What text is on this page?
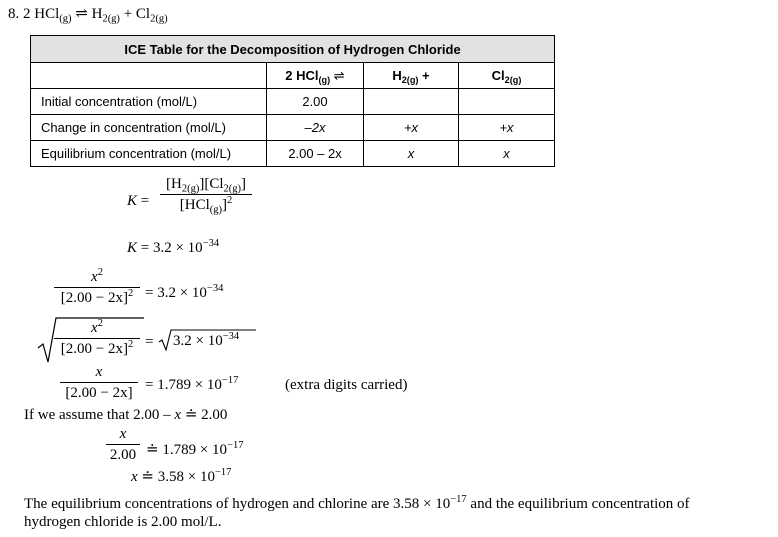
8. 2 HCl$_{(g)}$ ⇌ $H_{2(g)} + Cl_{2(g)}$
ICE Table for the Decomposition of Hydrogen Chloride			
	2 HCl$_{(g)}$ ⇌	$H_{2(g)}$ +	$Cl_{2(g)}$
Initial concentration (mol/L)	2.00		
Change in concentration (mol/L)	–2x	+x	+x
Equilibrium concentration (mol/L)	2.00 – 2x	x	x
K =
$[H_{2(g)}][Cl_{2(g)}]$
$[HCl_{(g)}]^2$
$K = 3.2 \times 10^{-34}$
$x^2$
$[2.00 - 2x]^2 = 3.2 \times 10^{-34}$
$x^2$
$[2.00 - 2x]^2 = 3.2 \times 10^{-34}$
x
$[2.00 - 2x] = 1.789 \times 10^{-17}$	(extra digits carried)
If we assume that 2.00 – x ≐ 2.00
x
2.00 ≐ $1.789 \times 10^{-17}$
x ≐ $3.58 \times 10^{-17}$
The equilibrium concentrations of hydrogen and chlorine are $3.58 \times 10^{-17}$ and the equilibrium concentration of
hydrogen chloride is 2.00 mol/L.
